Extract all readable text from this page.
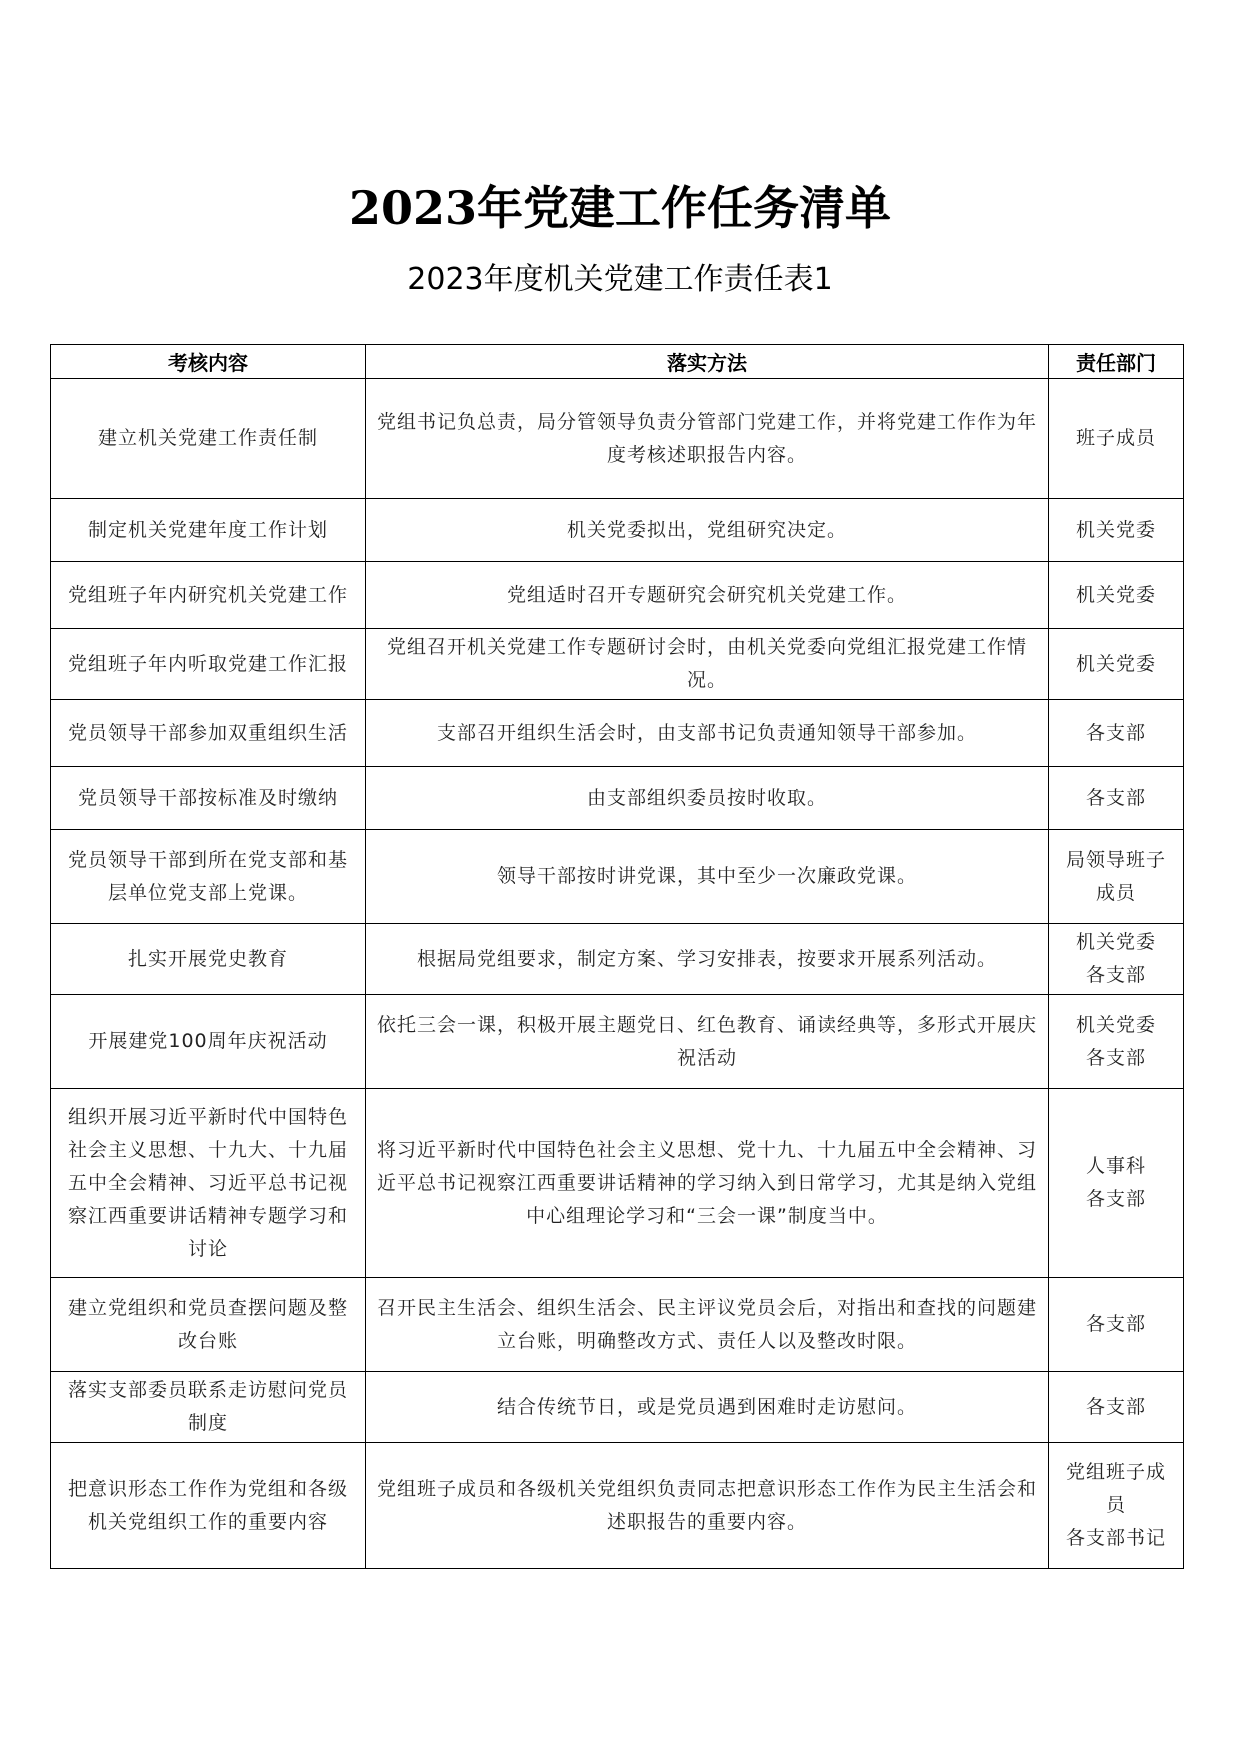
2023年党建工作任务清单
2023年度机关党建工作责任表1
考核内容	落实方法	责任部门
建立机关党建工作责任制	党组书记负总责，局分管领导负责分管部门党建工作，并将党建工作作为年度考核述职报告内容。	班子成员
制定机关党建年度工作计划	机关党委拟出，党组研究决定。	机关党委
党组班子年内研究机关党建工作	党组适时召开专题研究会研究机关党建工作。	机关党委
党组班子年内听取党建工作汇报	党组召开机关党建工作专题研讨会时，由机关党委向党组汇报党建工作情况。	机关党委
党员领导干部参加双重组织生活	支部召开组织生活会时，由支部书记负责通知领导干部参加。	各支部
党员领导干部按标准及时缴纳	由支部组织委员按时收取。	各支部
党员领导干部到所在党支部和基层单位党支部上党课。	领导干部按时讲党课，其中至少一次廉政党课。	局领导班子成员
扎实开展党史教育	根据局党组要求，制定方案、学习安排表，按要求开展系列活动。	机关党委
各支部
开展建党100周年庆祝活动	依托三会一课，积极开展主题党日、红色教育、诵读经典等，多形式开展庆祝活动	机关党委
各支部
组织开展习近平新时代中国特色社会主义思想、十九大、十九届五中全会精神、习近平总书记视察江西重要讲话精神专题学习和讨论	将习近平新时代中国特色社会主义思想、党十九、十九届五中全会精神、习近平总书记视察江西重要讲话精神的学习纳入到日常学习，尤其是纳入党组中心组理论学习和“三会一课”制度当中。	人事科
各支部
建立党组织和党员查摆问题及整改台账	召开民主生活会、组织生活会、民主评议党员会后，对指出和查找的问题建立台账，明确整改方式、责任人以及整改时限。	各支部
落实支部委员联系走访慰问党员制度	结合传统节日，或是党员遇到困难时走访慰问。	各支部
把意识形态工作作为党组和各级机关党组织工作的重要内容	党组班子成员和各级机关党组织负责同志把意识形态工作作为民主生活会和述职报告的重要内容。	党组班子成员
各支部书记
